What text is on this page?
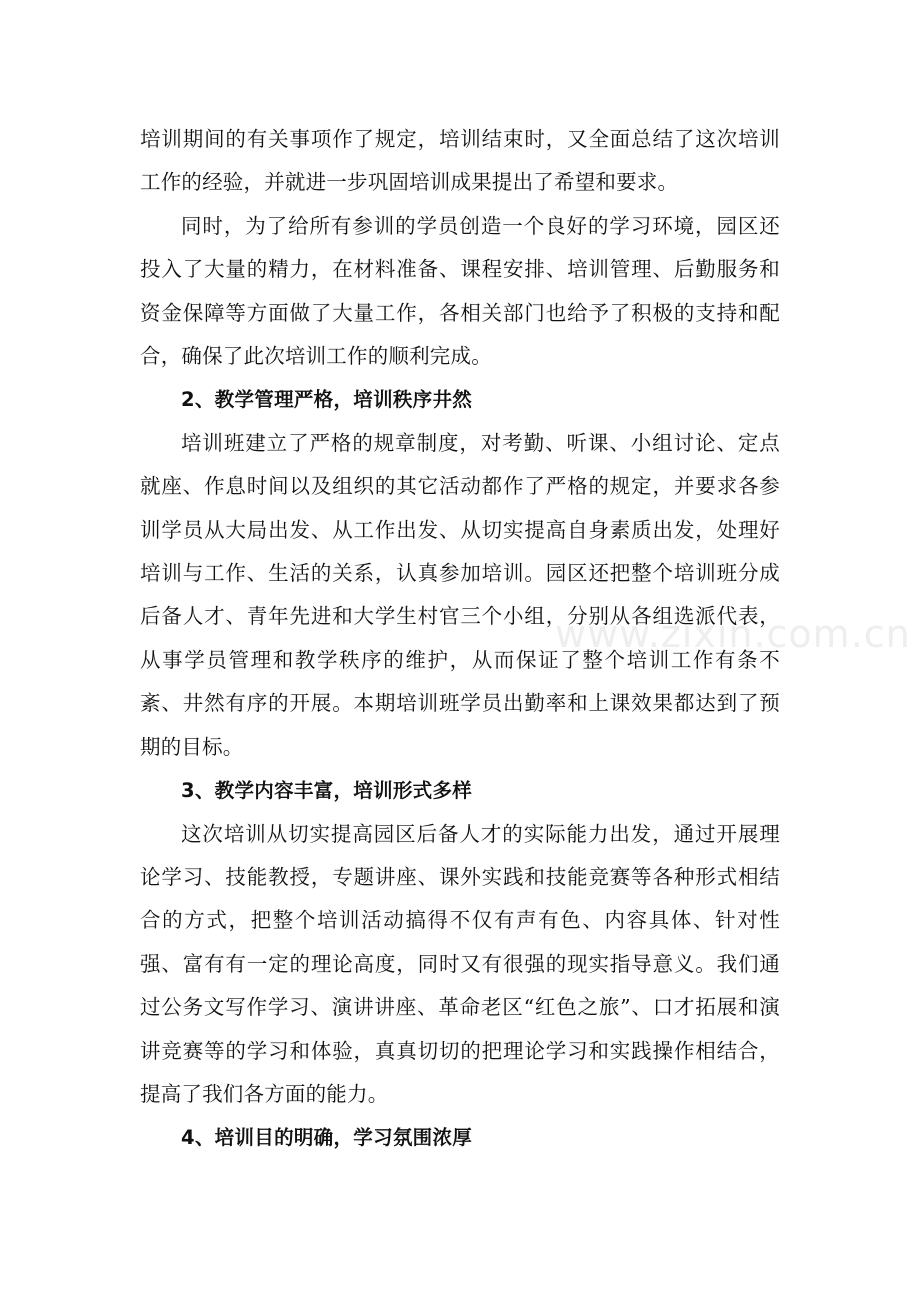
培训期间的有关事项作了规定，培训结束时，又全面总结了这次培训工作的经验，并就进一步巩固培训成果提出了希望和要求。

同时，为了给所有参训的学员创造一个良好的学习环境，园区还投入了大量的精力，在材料准备、课程安排、培训管理、后勤服务和资金保障等方面做了大量工作，各相关部门也给予了积极的支持和配合，确保了此次培训工作的顺利完成。

2、教学管理严格，培训秩序井然

培训班建立了严格的规章制度，对考勤、听课、小组讨论、定点就座、作息时间以及组织的其它活动都作了严格的规定，并要求各参训学员从大局出发、从工作出发、从切实提高自身素质出发，处理好培训与工作、生活的关系，认真参加培训。园区还把整个培训班分成后备人才、青年先进和大学生村官三个小组，分别从各组选派代表，从事学员管理和教学秩序的维护，从而保证了整个培训工作有条不紊、井然有序的开展。本期培训班学员出勤率和上课效果都达到了预期的目标。

3、教学内容丰富，培训形式多样

这次培训从切实提高园区后备人才的实际能力出发，通过开展理论学习、技能教授，专题讲座、课外实践和技能竞赛等各种形式相结合的方式，把整个培训活动搞得不仅有声有色、内容具体、针对性强、富有有一定的理论高度，同时又有很强的现实指导意义。我们通过公务文写作学习、演讲讲座、革命老区“红色之旅”、口才拓展和演讲竞赛等的学习和体验，真真切切的把理论学习和实践操作相结合，提高了我们各方面的能力。

4、培训目的明确，学习氛围浓厚

www.zixin.com.cn
